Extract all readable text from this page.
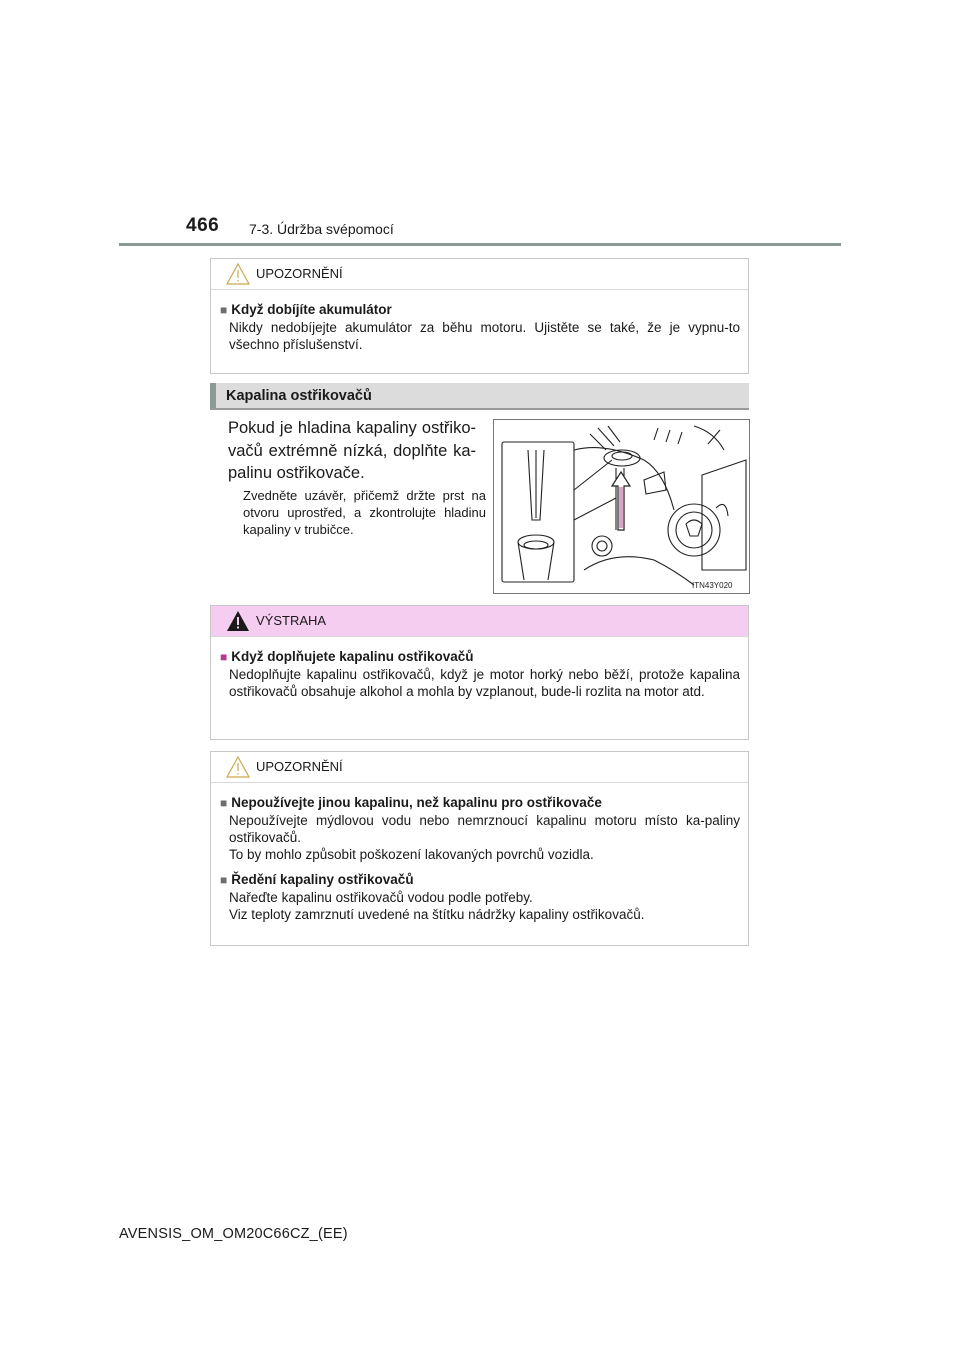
466 7-3. Údržba svépomocí
UPOZORNĚNÍ
■ Když dobíjíte akumulátor
Nikdy nedobíjejte akumulátor za běhu motoru. Ujistěte se také, že je vypnu-to všechno příslušenství.
Kapalina ostřikovačů
Pokud je hladina kapaliny ostřiko-vačů extrémně nízká, doplňte ka-palinu ostřikovače.
Zvedněte uzávěr, přičemž držte prst na otvoru uprostřed, a zkontrolujte hladinu kapaliny v trubičce.
ITN43Y020
VÝSTRAHA
■ Když doplňujete kapalinu ostřikovačů
Nedoplňujte kapalinu ostřikovačů, když je motor horký nebo běží, protože kapalina ostřikovačů obsahuje alkohol a mohla by vzplanout, bude-li rozlita na motor atd.
UPOZORNĚNÍ
■ Nepoužívejte jinou kapalinu, než kapalinu pro ostřikovače
Nepoužívejte mýdlovou vodu nebo nemrznoucí kapalinu motoru místo ka-paliny ostřikovačů.
To by mohlo způsobit poškození lakovaných povrchů vozidla.
■ Ředění kapaliny ostřikovačů
Nařeďte kapalinu ostřikovačů vodou podle potřeby.
Viz teploty zamrznutí uvedené na štítku nádržky kapaliny ostřikovačů.
AVENSIS_OM_OM20C66CZ_(EE)
